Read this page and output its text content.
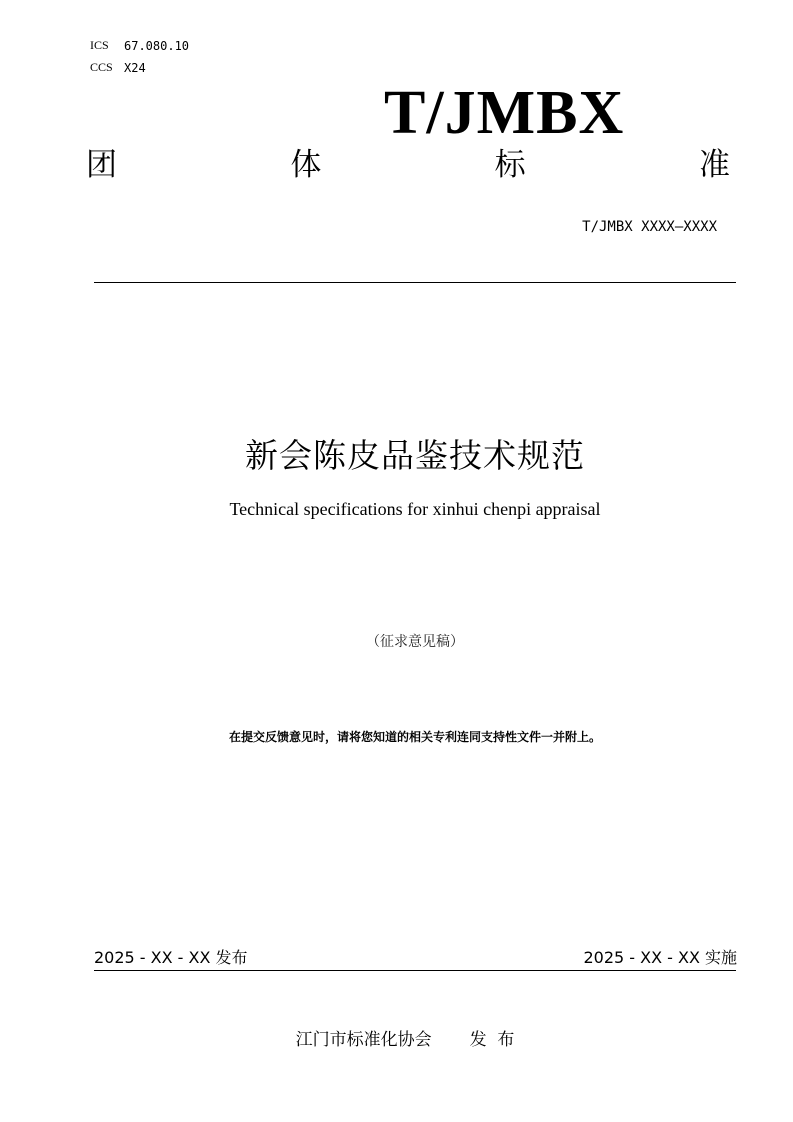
ICS 67.080.10
CCS X24
T/JMBX
团	体	标	准
T/JMBX XXXX—XXXX
新会陈皮品鉴技术规范
Technical specifications for xinhui chenpi appraisal
（征求意见稿）
在提交反馈意见时，请将您知道的相关专利连同支持性文件一并附上。
2025 - XX - XX 发布	2025 - XX - XX 实施
江门市标准化协会 发  布
